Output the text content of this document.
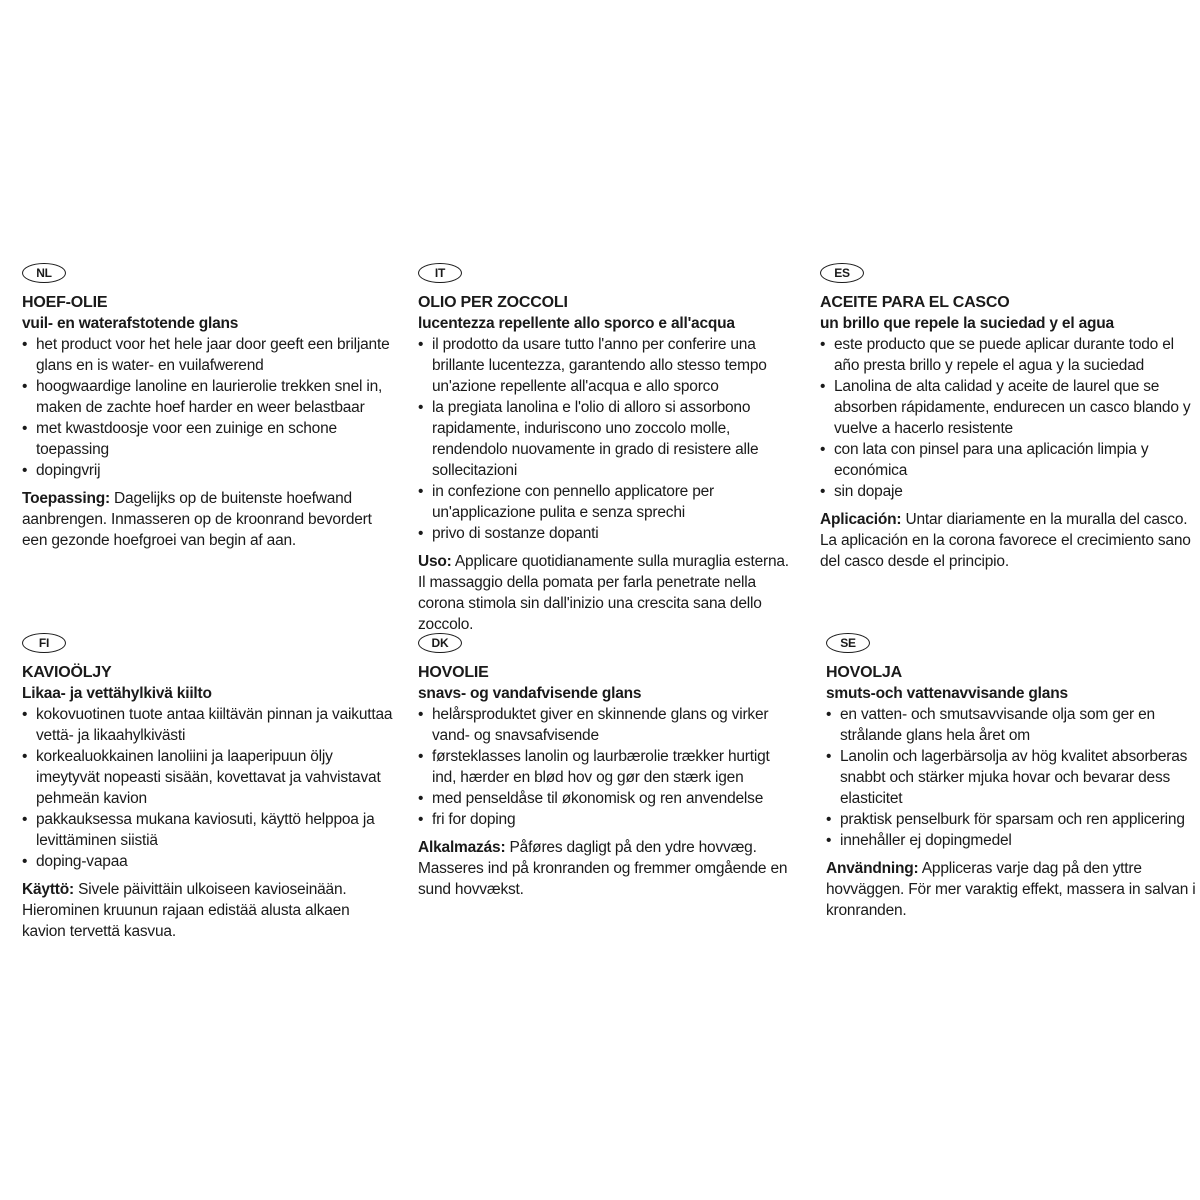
NL
HOEF-OLIE
vuil- en waterafstotende glans
• het product voor het hele jaar door geeft een briljante glans en is water- en vuilafwerend
• hoogwaardige lanoline en laurierolie trekken snel in, maken de zachte hoef harder en weer belastbaar
• met kwastdoosje voor een zuinige en schone toepassing
• dopingvrij
Toepassing: Dagelijks op de buitenste hoefwand aanbrengen. Inmasseren op de kroonrand bevordert een gezonde hoefgroei van begin af aan.
IT
OLIO PER ZOCCOLI
lucentezza repellente allo sporco e all'acqua
• il prodotto da usare tutto l'anno per conferire una brillante lucentezza, garantendo allo stesso tempo un'azione repellente all'acqua e allo sporco
• la pregiata lanolina e l'olio di alloro si assorbono rapidamente, induriscono uno zoccolo molle, rendendolo nuovamente in grado di resistere alle sollecitazioni
• in confezione con pennello applicatore per un'applicazione pulita e senza sprechi
• privo di sostanze dopanti
Uso: Applicare quotidianamente sulla muraglia esterna. Il massaggio della pomata per farla penetrate nella corona stimola sin dall'inizio una crescita sana dello zoccolo.
ES
ACEITE PARA EL CASCO
un brillo que repele la suciedad y el agua
• este producto que se puede aplicar durante todo el año presta brillo y repele el agua y la suciedad
• Lanolina de alta calidad y aceite de laurel que se absorben rápidamente, endurecen un casco blando y vuelve a hacerlo resistente
• con lata con pinsel para una aplicación limpia y económica
• sin dopaje
Aplicación: Untar diariamente en la muralla del casco. La aplicación en la corona favorece el crecimiento sano del casco desde el principio.
FI
KAVIOÖLJY
Likaa- ja vettähylkivä kiilto
• kokovuotinen tuote antaa kiiltävän pinnan ja vaikuttaa vettä- ja likaahylkivästi
• korkealuokkainen lanoliini ja laaperipuun öljy imeytyvät nopeasti sisään, kovettavat ja vahvistavat pehmeän kavion
• pakkauksessa mukana kaviosuti, käyttö helppoa ja levittäminen siistiä
• doping-vapaa
Käyttö: Sivele päivittäin ulkoiseen kavioseinään. Hierominen kruunun rajaan edistää alusta alkaen kavion tervettä kasvua.
DK
HOVOLIE
snavs- og vandafvisende glans
• helårsproduktet giver en skinnende glans og virker vand- og snavsafvisende
• førsteklasses lanolin og laurbærolie trækker hurtigt ind, hærder en blød hov og gør den stærk igen
• med penseldåse til økonomisk og ren anvendelse
• fri for doping
Alkalmazás: Påføres dagligt på den ydre hovvæg. Masseres ind på kronranden og fremmer omgående en sund hovvækst.
SE
HOVOLJA
smuts-och vattenavvisande glans
• en vatten- och smutsavvisande olja som ger en strålande glans hela året om
• Lanolin och lagerbärsolja av hög kvalitet absorberas snabbt och stärker mjuka hovar och bevarar dess elasticitet
• praktisk penselburk för sparsam och ren applicering
• innehåller ej dopingmedel
Användning: Appliceras varje dag på den yttre hovväggen. För mer varaktig effekt, massera in salvan i kronranden.
